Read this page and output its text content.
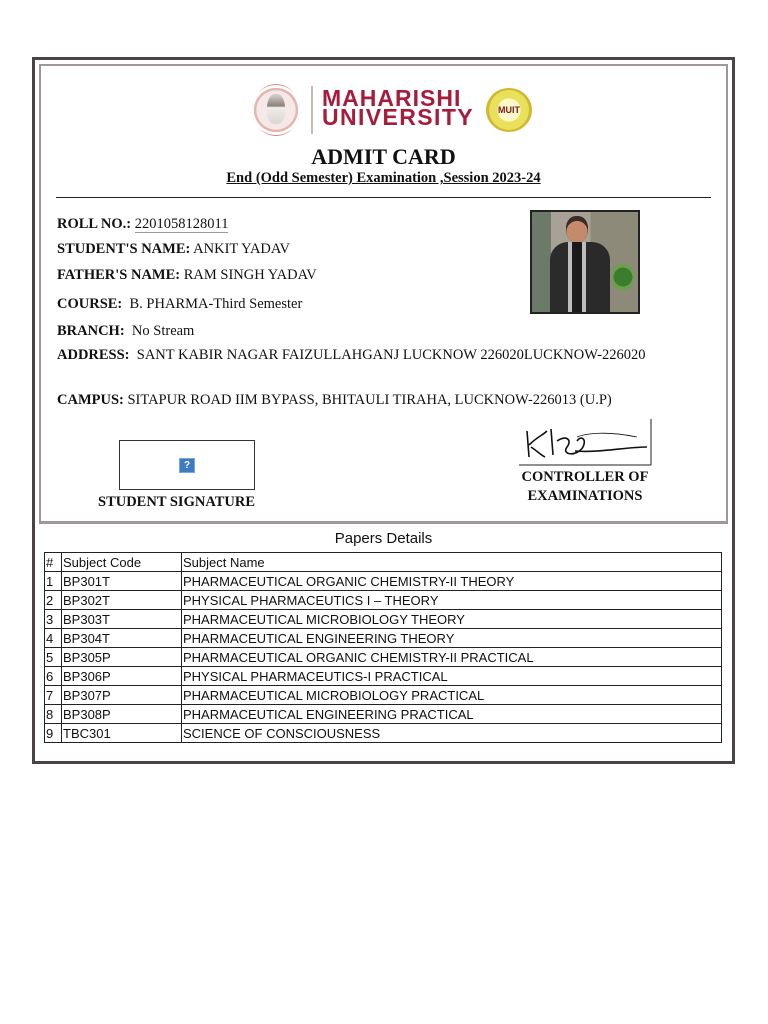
MAHARISHI
UNIVERSITY	MUIT
ADMIT CARD
End (Odd Semester) Examination ,Session 2023-24
ROLL NO.: 2201058128011
STUDENT'S NAME: ANKIT YADAV
FATHER'S NAME: RAM SINGH YADAV
COURSE: B. PHARMA-Third Semester
BRANCH: No Stream
ADDRESS: SANT KABIR NAGAR FAIZULLAHGANJ LUCKNOW 226020LUCKNOW-226020
CAMPUS: SITAPUR ROAD IIM BYPASS, BHITAULI TIRAHA, LUCKNOW-226013 (U.P)
?
STUDENT SIGNATURE
CONTROLLER OF
EXAMINATIONS
Papers Details
#	Subject Code	Subject Name
1	BP301T	PHARMACEUTICAL ORGANIC CHEMISTRY-II THEORY
2	BP302T	PHYSICAL PHARMACEUTICS I – THEORY
3	BP303T	PHARMACEUTICAL MICROBIOLOGY THEORY
4	BP304T	PHARMACEUTICAL ENGINEERING THEORY
5	BP305P	PHARMACEUTICAL ORGANIC CHEMISTRY-II PRACTICAL
6	BP306P	PHYSICAL PHARMACEUTICS-I PRACTICAL
7	BP307P	PHARMACEUTICAL MICROBIOLOGY PRACTICAL
8	BP308P	PHARMACEUTICAL ENGINEERING PRACTICAL
9	TBC301	SCIENCE OF CONSCIOUSNESS
